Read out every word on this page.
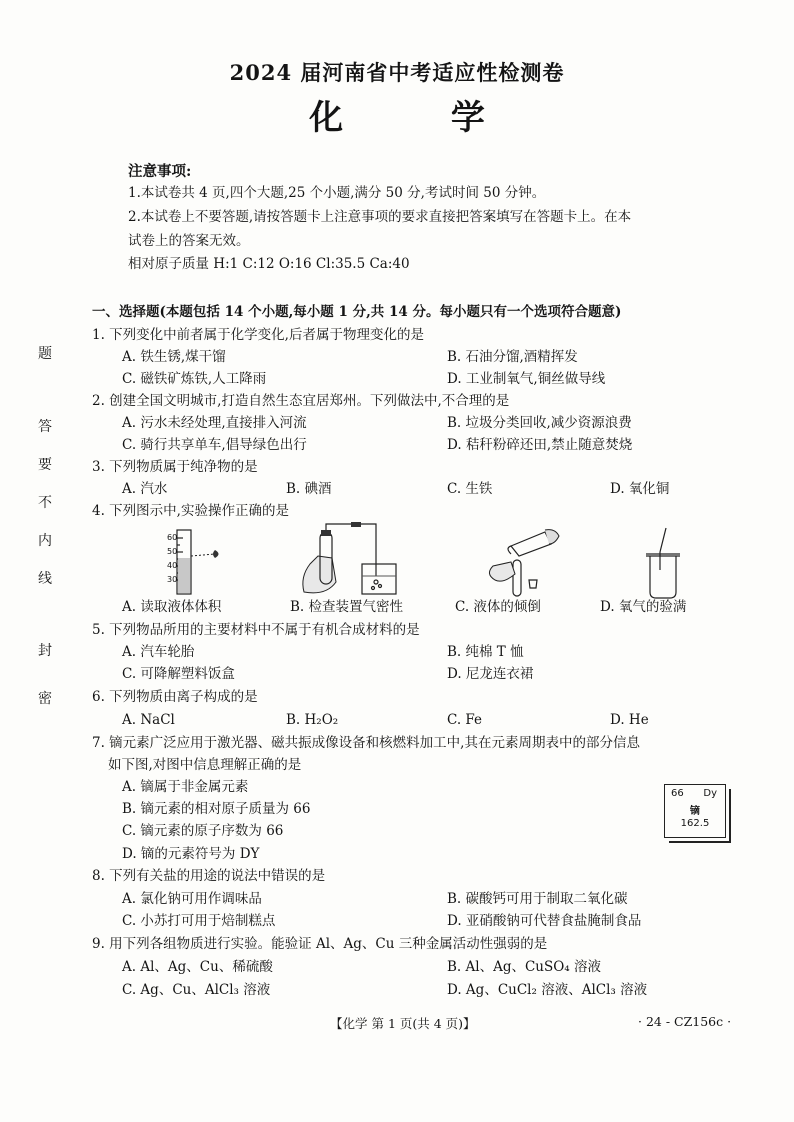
2024 届河南省中考适应性检测卷
化 学
注意事项:
1.本试卷共 4 页,四个大题,25 个小题,满分 50 分,考试时间 50 分钟。
2.本试卷上不要答题,请按答题卡上注意事项的要求直接把答案填写在答题卡上。在本
试卷上的答案无效。
相对原子质量 H:1 C:12 O:16 Cl:35.5 Ca:40
题
答
要
不
内
线
封
密
一、选择题(本题包括 14 个小题,每小题 1 分,共 14 分。每小题只有一个选项符合题意)
1. 下列变化中前者属于化学变化,后者属于物理变化的是
A. 铁生锈,煤干馏	B. 石油分馏,酒精挥发
C. 磁铁矿炼铁,人工降雨	D. 工业制氧气,铜丝做导线
2. 创建全国文明城市,打造自然生态宜居郑州。下列做法中,不合理的是
A. 污水未经处理,直接排入河流	B. 垃圾分类回收,减少资源浪费
C. 骑行共享单车,倡导绿色出行	D. 秸秆粉碎还田,禁止随意焚烧
3. 下列物质属于纯净物的是
A. 汽水	B. 碘酒	C. 生铁	D. 氧化铜
4. 下列图示中,实验操作正确的是
60
50
40
30
A. 读取液体体积	B. 检查装置气密性	C. 液体的倾倒	D. 氧气的验满
5. 下列物品所用的主要材料中不属于有机合成材料的是
A. 汽车轮胎	B. 纯棉 T 恤
C. 可降解塑料饭盒	D. 尼龙连衣裙
6. 下列物质由离子构成的是
A. NaCl	B. H₂O₂	C. Fe	D. He
7. 镝元素广泛应用于激光器、磁共振成像设备和核燃料加工中,其在元素周期表中的部分信息
如下图,对图中信息理解正确的是
A. 镝属于非金属元素
B. 镝元素的相对原子质量为 66
C. 镝元素的原子序数为 66
D. 镝的元素符号为 DY
66 Dy
镝
162.5
8. 下列有关盐的用途的说法中错误的是
A. 氯化钠可用作调味品	B. 碳酸钙可用于制取二氧化碳
C. 小苏打可用于焙制糕点	D. 亚硝酸钠可代替食盐腌制食品
9. 用下列各组物质进行实验。能验证 Al、Ag、Cu 三种金属活动性强弱的是
A. Al、Ag、Cu、稀硫酸	B. Al、Ag、CuSO₄ 溶液
C. Ag、Cu、AlCl₃ 溶液	D. Ag、CuCl₂ 溶液、AlCl₃ 溶液
【化学 第 1 页(共 4 页)】	· 24 - CZ156c ·
